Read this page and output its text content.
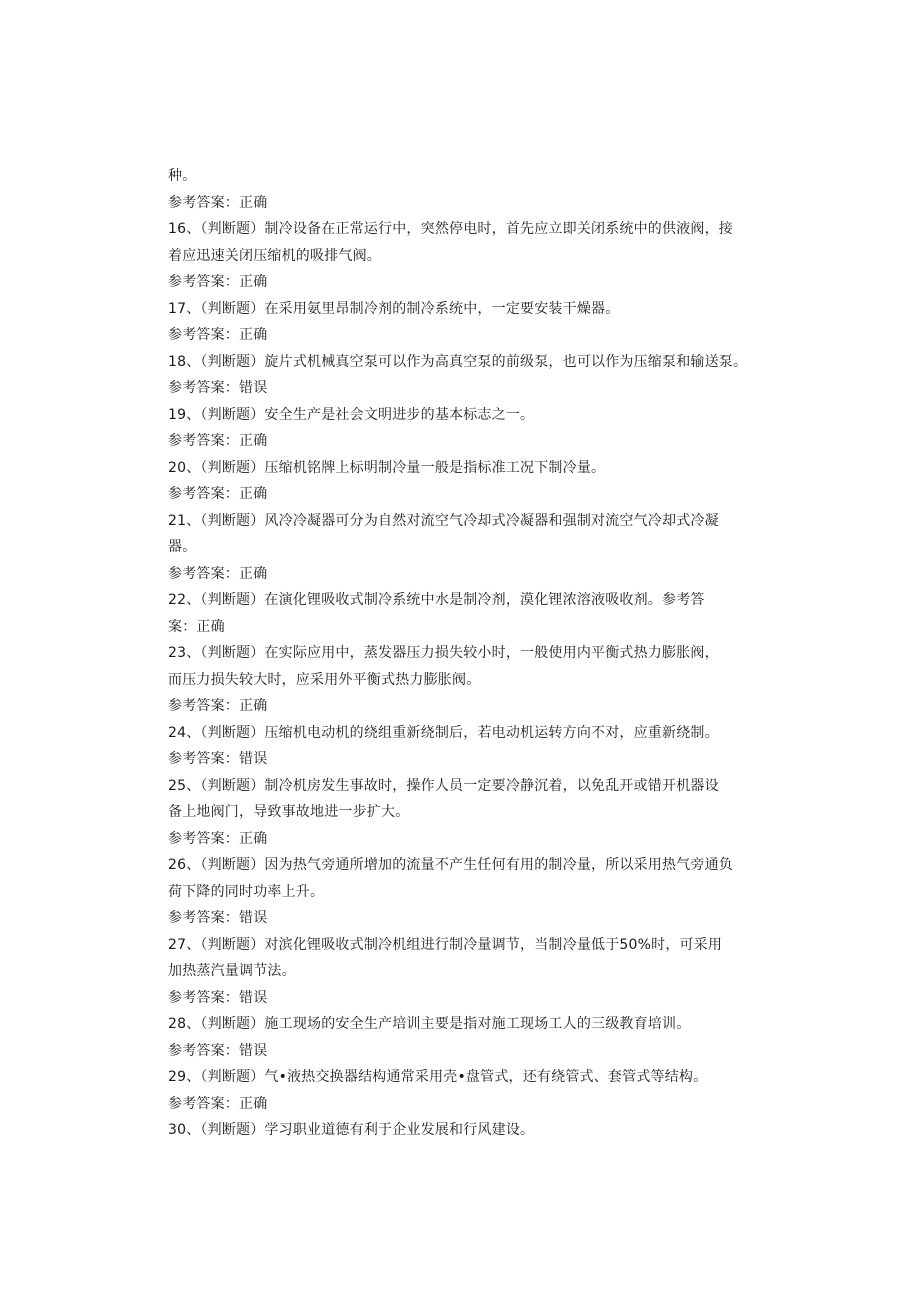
种。
参考答案：正确
16、（判断题）制冷设备在正常运行中，突然停电时，首先应立即关闭系统中的供液阀，接
着应迅速关闭压缩机的吸排气阀。
参考答案：正确
17、（判断题）在采用氨里昂制冷剂的制冷系统中，一定要安装干燥器。
参考答案：正确
18、（判断题）旋片式机械真空泵可以作为高真空泵的前级泵，也可以作为压缩泵和输送泵。
参考答案：错误
19、（判断题）安全生产是社会文明进步的基本标志之一。
参考答案：正确
20、（判断题）压缩机铭牌上标明制冷量一般是指标准工况下制冷量。
参考答案：正确
21、（判断题）风冷冷凝器可分为自然对流空气冷却式冷凝器和强制对流空气冷却式冷凝
器。
参考答案：正确
22、（判断题）在演化锂吸收式制冷系统中水是制冷剂，漠化锂浓溶液吸收剂。参考答
案：正确
23、（判断题）在实际应用中，蒸发器压力损失较小时，一般使用内平衡式热力膨胀阀，
而压力损失较大时，应采用外平衡式热力膨胀阀。
参考答案：正确
24、（判断题）压缩机电动机的绕组重新绕制后，若电动机运转方向不对，应重新绕制。
参考答案：错误
25、（判断题）制冷机房发生事故时，操作人员一定要冷静沉着，以免乱开或错开机器设
备上地阀门，导致事故地进一步扩大。
参考答案：正确
26、（判断题）因为热气旁通所增加的流量不产生任何有用的制冷量，所以采用热气旁通负
荷下降的同时功率上升。
参考答案：错误
27、（判断题）对滨化锂吸收式制冷机组进行制冷量调节，当制冷量低于50%时，可采用
加热蒸汽量调节法。
参考答案：错误
28、（判断题）施工现场的安全生产培训主要是指对施工现场工人的三级教育培训。
参考答案：错误
29、（判断题）气•液热交换器结构通常采用壳•盘管式，还有绕管式、套管式等结构。
参考答案：正确
30、（判断题）学习职业道德有利于企业发展和行风建设。
